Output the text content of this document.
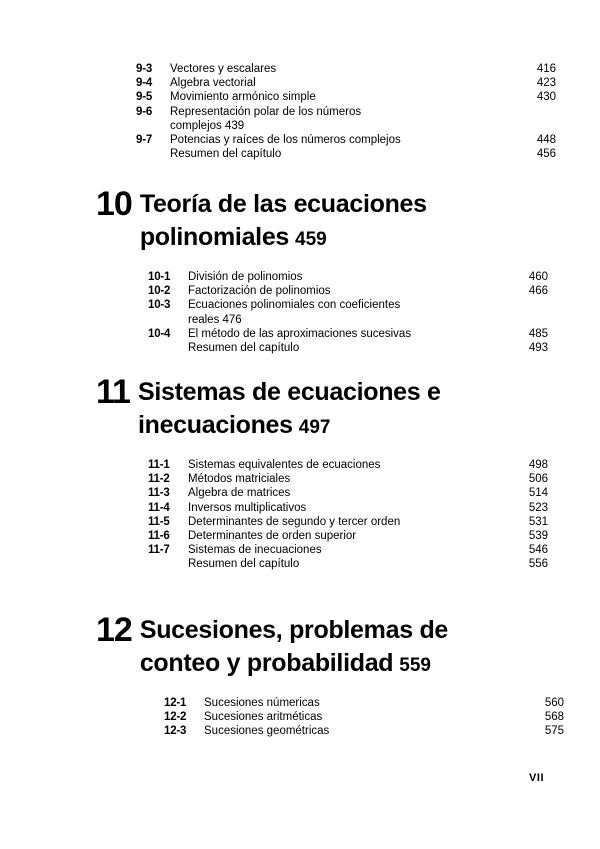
9-3	Vectores y escalares	416
9-4	Algebra vectorial	423
9-5	Movimiento armónico simple	430
9-6	Representación polar de los números
complejos 439
9-7	Potencias y raíces de los números complejos	448
Resumen del capítulo	456
10 Teoría de las ecuaciones
polinomiales 459
10-1	División de polinomios	460
10-2	Factorización de polinomios	466
10-3	Ecuaciones polinomiales con coeficientes
reales 476
10-4	El método de las aproximaciones sucesivas	485
Resumen del capítulo	493
11 Sistemas de ecuaciones e
inecuaciones 497
11-1	Sistemas equivalentes de ecuaciones	498
11-2	Métodos matriciales	506
11-3	Algebra de matrices	514
11-4	Inversos multiplicativos	523
11-5	Determinantes de segundo y tercer orden	531
11-6	Determinantes de orden superior	539
11-7	Sistemas de inecuaciones	546
Resumen del capítulo	556
12 Sucesiones, problemas de
conteo y probabilidad 559
12-1	Sucesiones númericas	560
12-2	Sucesiones aritméticas	568
12-3	Sucesiones geométricas	575
VII
